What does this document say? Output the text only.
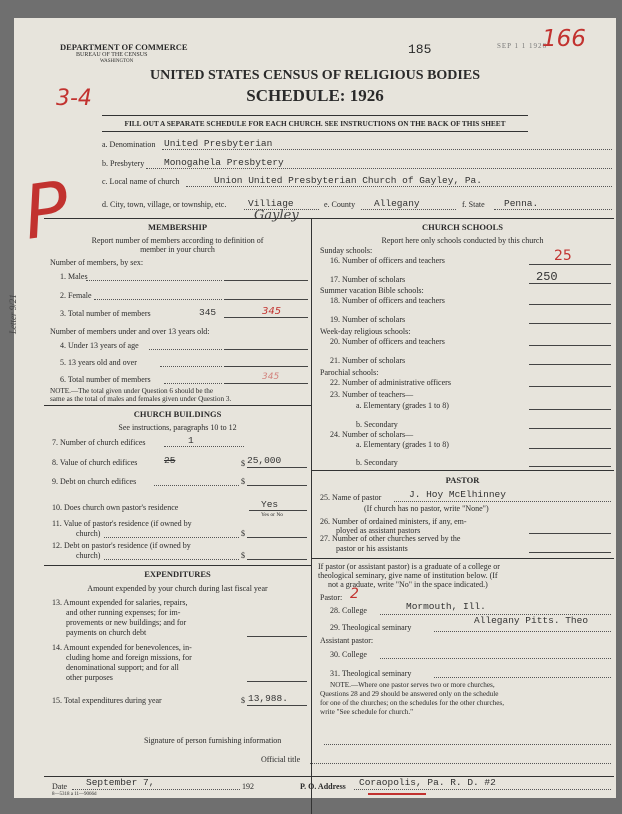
DEPARTMENT OF COMMERCE
BUREAU OF THE CENSUS
WASHINGTON
185	SEP 1 1 1926
166
3-4
UNITED STATES CENSUS OF RELIGIOUS BODIES
SCHEDULE: 1926
FILL OUT A SEPARATE SCHEDULE FOR EACH CHURCH. SEE INSTRUCTIONS ON THE BACK OF THIS SHEET
a. Denomination United Presbyterian
b. Presbytery Monogahela Presbytery
c. Local name of church	Union United Presbyterian Church of Gayley, Pa.
d. City, town, village, or township, etc. Villiage
Gayley
e. County Allegany	f. State Penna.
P
Letter 9/21
MEMBERSHIP
Report number of members according to definition of
member in your church
Number of members, by sex:
1. Males
2. Female
3. Total number of members	345	345
Number of members under and over 13 years old:
4. Under 13 years of age
5. 13 years old and over
6. Total number of members	345
NOTE.—The total given under Question 6 should be the
same as the total of males and females given under Question 3.
CHURCH BUILDINGS
See instructions, paragraphs 10 to 12
7. Number of church edifices	1
8. Value of church edifices	25	$ 25,000
9. Debt on church edifices	$
10. Does church own pastor's residence	Yes
Yes or No
11. Value of pastor's residence (if owned by
church)	$
12. Debt on pastor's residence (if owned by
church)	$
EXPENDITURES
Amount expended by your church during last fiscal year
13. Amount expended for salaries, repairs,
and other running expenses; for im-
provements or new buildings; and for
payments on church debt
14. Amount expended for benevolences, in-
cluding home and foreign missions, for
denominational support; and for all
other purposes
15. Total expenditures during year	$ 13,988.
CHURCH SCHOOLS
Report here only schools conducted by this church
Sunday schools:
16. Number of officers and teachers	25
17. Number of scholars	250
Summer vacation Bible schools:
18. Number of officers and teachers
19. Number of scholars
Week-day religious schools:
20. Number of officers and teachers
21. Number of scholars
Parochial schools:
22. Number of administrative officers
23. Number of teachers—
a. Elementary (grades 1 to 8)
b. Secondary
24. Number of scholars—
a. Elementary (grades 1 to 8)
b. Secondary
PASTOR
25. Name of pastor	J. Hoy McElhinney
(If church has no pastor, write "None")
26. Number of ordained ministers, if any, em-
ployed as assistant pastors
27. Number of other churches served by the
pastor or his assistants
If pastor (or assistant pastor) is a graduate of a college or
theological seminary, give name of institution below. (If
not a graduate, write "No" in the space indicated.)
Pastor: 2
28. College	Mormouth, Ill.
29. Theological seminary
Allegany Pitts. Theo
Assistant pastor:
30. College
31. Theological seminary
NOTE.—Where one pastor serves two or more churches,
Questions 28 and 29 should be answered only on the schedule
for one of the churches; on the schedules for the other churches,
write "See schedule for church."
Signature of person furnishing information
Official title
Date September 7,	192	P. O. Address Coraopolis, Pa. R. D. #2
8—5318 a 11—9066d
